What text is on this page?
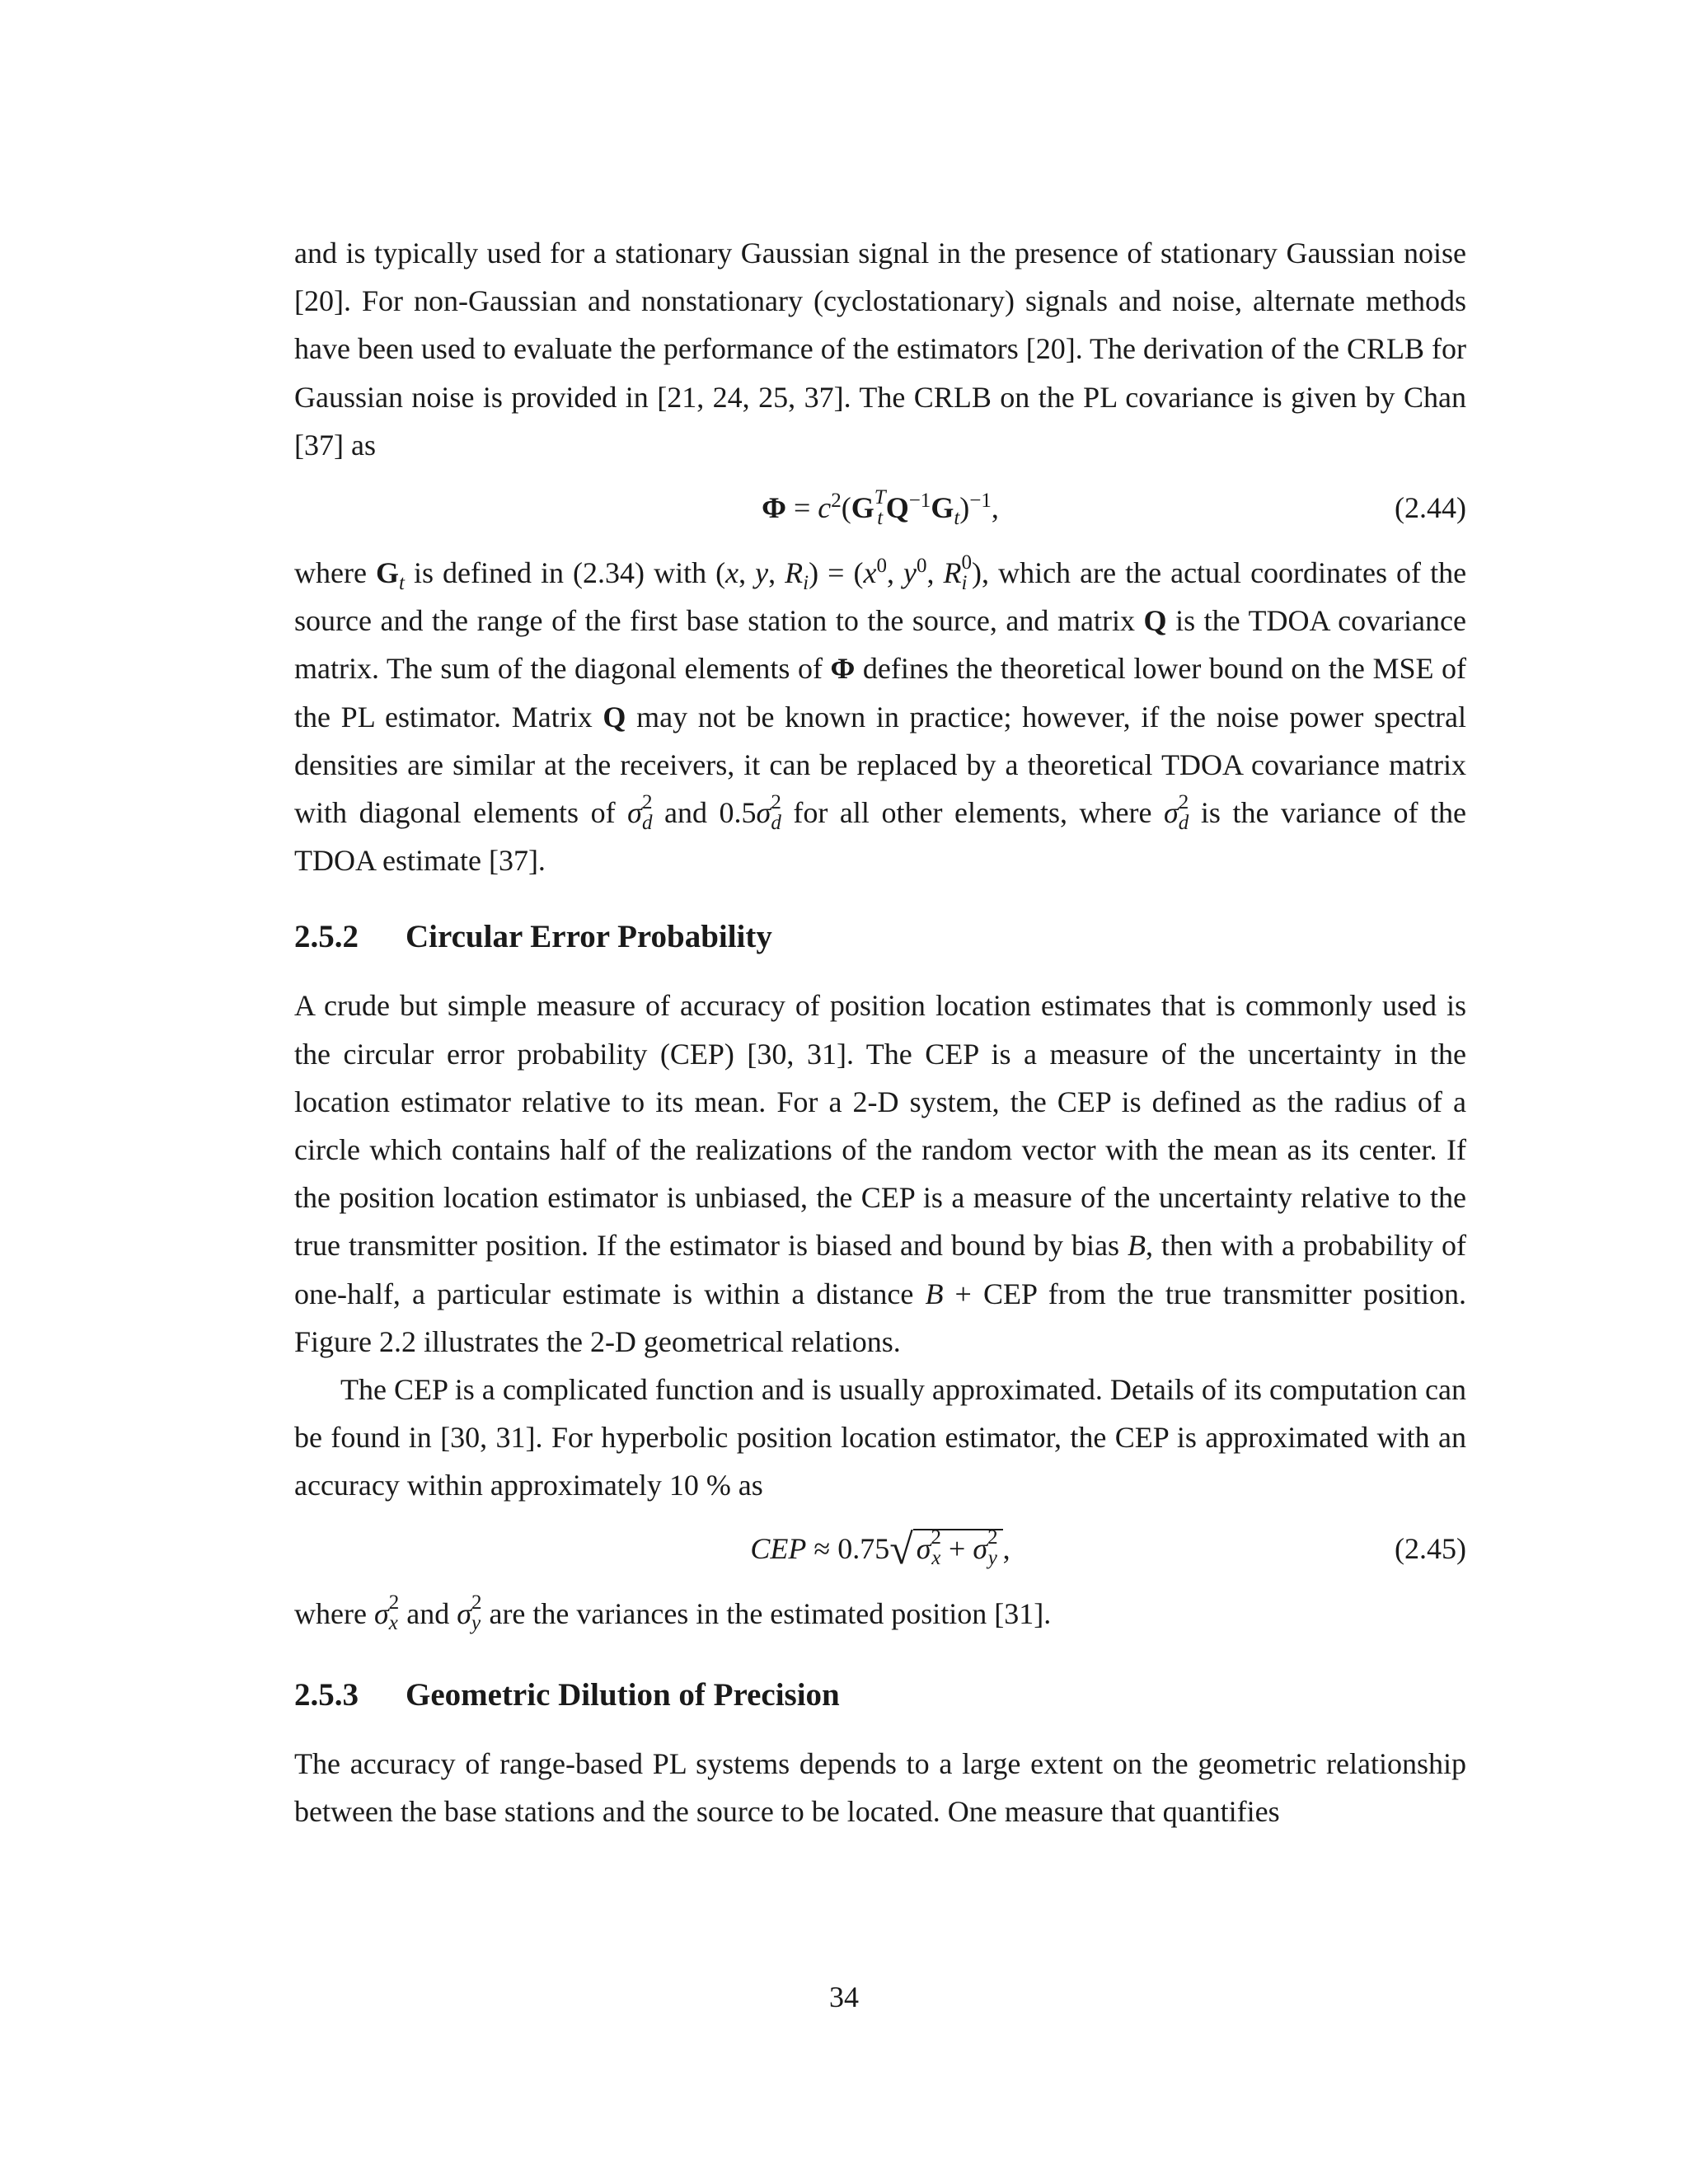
and is typically used for a stationary Gaussian signal in the presence of stationary Gaussian noise [20]. For non-Gaussian and nonstationary (cyclostationary) signals and noise, alternate methods have been used to evaluate the performance of the estimators [20]. The derivation of the CRLB for Gaussian noise is provided in [21, 24, 25, 37]. The CRLB on the PL covariance is given by Chan [37] as

$\Phi = c^2(G$ T
t $Q^{-1}G_t)^{-1}$,	(2.44)

where $G_t$ is defined in (2.34) with (x, y, $R_i) = (x^0$, $y^0$, R 0
i ), which are the actual coordinates of the source and the range of the first base station to the source, and matrix Q is the TDOA covariance matrix. The sum of the diagonal elements of Φ defines the theoretical lower bound on the MSE of the PL estimator. Matrix Q may not be known in practice; however, if the noise power spectral densities are similar at the receivers, it can be replaced by a theoretical TDOA covariance matrix with diagonal elements of σ 2
d and 0.5σ 2
d for all other elements, where σ 2
d is the variance of the TDOA estimate [37].

2.5.2 Circular Error Probability

A crude but simple measure of accuracy of position location estimates that is commonly used is the circular error probability (CEP) [30, 31]. The CEP is a measure of the uncertainty in the location estimator relative to its mean. For a 2-D system, the CEP is defined as the radius of a circle which contains half of the realizations of the random vector with the mean as its center. If the position location estimator is unbiased, the CEP is a measure of the uncertainty relative to the true transmitter position. If the estimator is biased and bound by bias B, then with a probability of one-half, a particular estimate is within a distance B + CEP from the true transmitter position. Figure 2.2 illustrates the 2-D geometrical relations.

The CEP is a complicated function and is usually approximated. Details of its computation can be found in [30, 31]. For hyperbolic position location estimator, the CEP is approximated with an accuracy within approximately 10 % as

CEP ≈ 0.75√ σ 2
x + σ 2
y ,	(2.45)

where σ 2
x and σ 2
y are the variances in the estimated position [31].

2.5.3 Geometric Dilution of Precision

The accuracy of range-based PL systems depends to a large extent on the geometric relationship between the base stations and the source to be located. One measure that quantifies

34
